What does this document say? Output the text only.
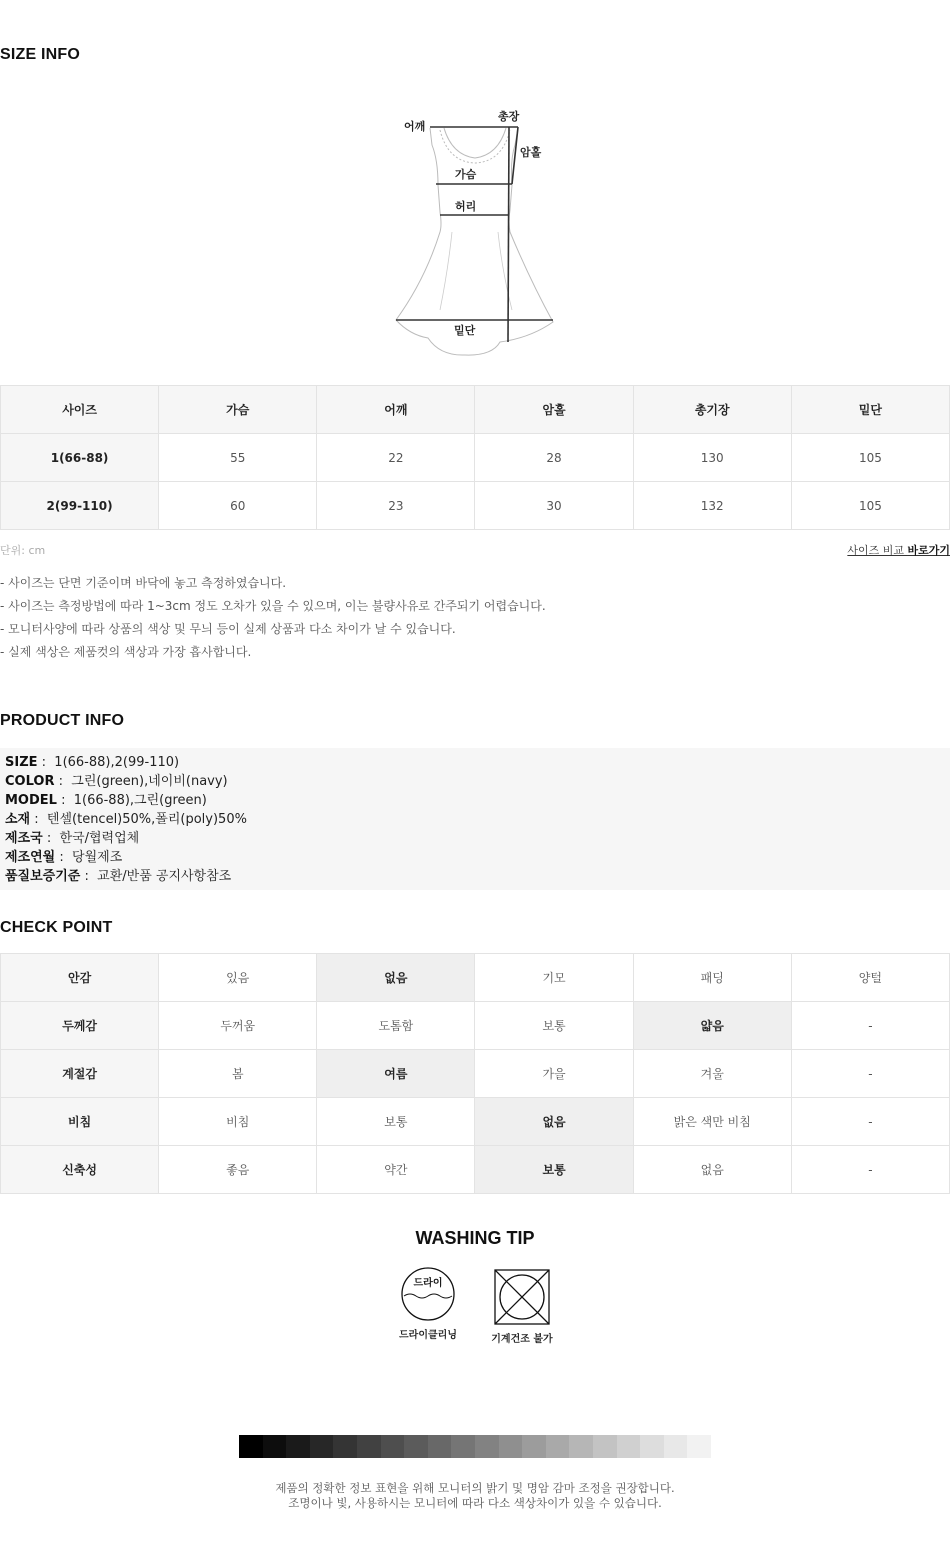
SIZE INFO
어깨
총장
암홀
가슴
허리
밑단
사이즈	가슴	어깨	암홀	총기장	밑단
1(66-88)	55	22	28	130	105
2(99-110)	60	23	30	132	105
단위: cm	사이즈 비교 바로가기
- 사이즈는 단면 기준이며 바닥에 놓고 측정하였습니다.
- 사이즈는 측정방법에 따라 1~3cm 정도 오차가 있을 수 있으며, 이는 불량사유로 간주되기 어렵습니다.
- 모니터사양에 따라 상품의 색상 및 무늬 등이 실제 상품과 다소 차이가 날 수 있습니다.
- 실제 색상은 제품컷의 색상과 가장 흡사합니다.
PRODUCT INFO
SIZE :  1(66-88),2(99-110)
COLOR :  그린(green),네이비(navy)
MODEL :  1(66-88),그린(green)
소재 :  텐셀(tencel)50%,폴리(poly)50%
제조국 :  한국/협력업체
제조연월 :  당월제조
품질보증기준 :  교환/반품 공지사항참조
CHECK POINT
안감	있음	없음	기모	패딩	양털
두께감	두꺼움	도톰함	보통	얇음	-
계절감	봄	여름	가을	겨울	-
비침	비침	보통	없음	밝은 색만 비침	-
신축성	좋음	약간	보통	없음	-
WASHING TIP
드라이
드라이클리닝	기계건조 불가
제품의 정확한 정보 표현을 위해 모니터의 밝기 및 명암 감마 조정을 권장합니다.
조명이나 빛, 사용하시는 모니터에 따라 다소 색상차이가 있을 수 있습니다.
